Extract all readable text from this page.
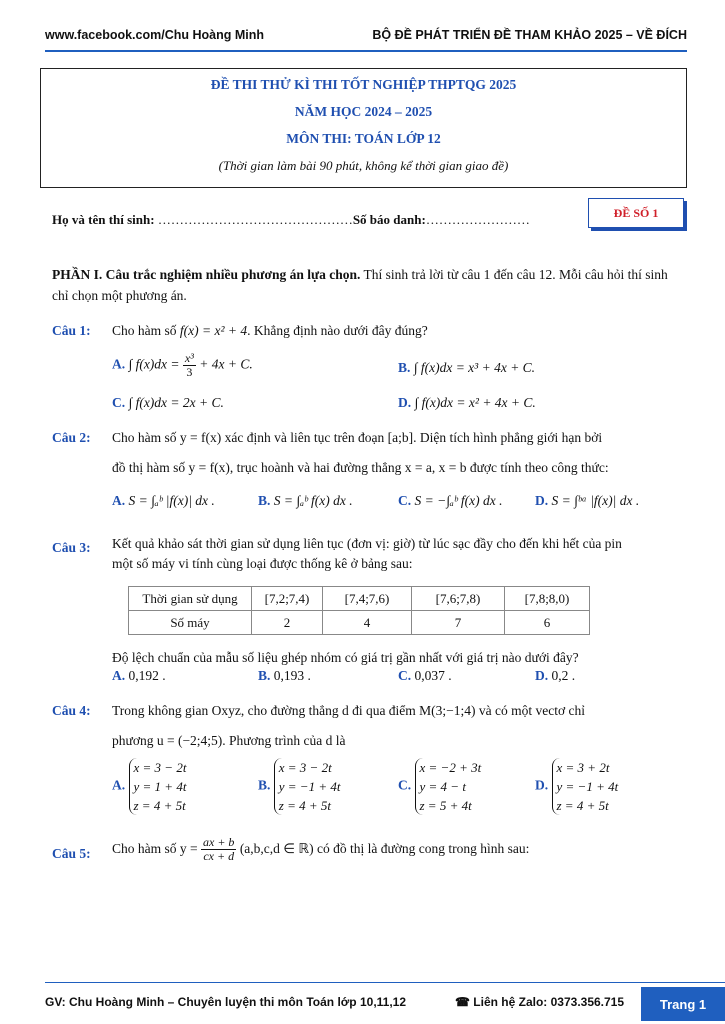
www.facebook.com/Chu Hoàng Minh	BỘ ĐỀ PHÁT TRIỂN ĐỀ THAM KHẢO 2025 – VỀ ĐÍCH
ĐỀ THI THỬ KÌ THI TỐT NGHIỆP THPTQG 2025
NĂM HỌC 2024 – 2025
MÔN THI: TOÁN LỚP 12
(Thời gian làm bài 90 phút, không kể thời gian giao đề)
Họ và tên thí sinh: ………………………………………Số báo danh:……………………	ĐỀ SỐ 1
PHẦN I. Câu trắc nghiệm nhiều phương án lựa chọn. Thí sinh trả lời từ câu 1 đến câu 12. Mỗi câu hỏi thí sinh chỉ chọn một phương án.
Câu 1: Cho hàm số f(x) = x² + 4. Khẳng định nào dưới đây đúng?
A. ∫ $f(x)dx = \frac{\text{x³}}{3} + 4x + C$.	B. ∫ f(x)dx = x³ + 4x + C.
C. ∫ f(x)dx = 2x + C.	D. ∫ f(x)dx = x² + 4x + C.
Câu 2: Cho hàm số y = f(x) xác định và liên tục trên đoạn [a;b]. Diện tích hình phẳng giới hạn bởi
đồ thị hàm số y = f(x), trục hoành và hai đường thẳng x = a, x = b được tính theo công thức:
A. S = ∫ₐᵇ |f(x)| dx .	B. S = ∫ₐᵇ f(x) dx .	C. S = −∫ₐᵇ f(x) dx . D. S = ∫ᵇᵃ |f(x)| dx .
Câu 3: Kết quả khảo sát thời gian sử dụng liên tục (đơn vị: giờ) từ lúc sạc đầy cho đến khi hết của pin
một số máy vi tính cùng loại được thống kê ở bảng sau:
Thời gian sử dụng	[7,2;7,4)	[7,4;7,6)	[7,6;7,8)	[7,8;8,0)
Số máy	2	4	7	6
Độ lệch chuẩn của mẫu số liệu ghép nhóm có giá trị gần nhất với giá trị nào dưới đây?
A. 0,192 .	B. 0,193 .	C. 0,037 .	D. 0,2 .
Câu 4: Trong không gian Oxyz, cho đường thẳng d đi qua điểm M(3;−1;4) và có một vectơ chỉ
phương u = (−2;4;5). Phương trình của d là
A. x = 3 − 2t
y = 1 + 4t
z = 4 + 5t
B. x = 3 − 2t
y = −1 + 4t
z = 4 + 5t
C. x = −2 + 3t
y = 4 − t
z = 5 + 4t
D. x = 3 + 2t
y = −1 + 4t
z = 4 + 5t
Câu 5: Cho hàm số $y = \frac{ax + b}{cx + d} (a,b,c,d$ ∈ ℝ) có đồ thị là đường cong trong hình sau:
GV: Chu Hoàng Minh – Chuyên luyện thi môn Toán lớp 10,11,12	☎ Liên hệ Zalo: 0373.356.715	Trang 1
